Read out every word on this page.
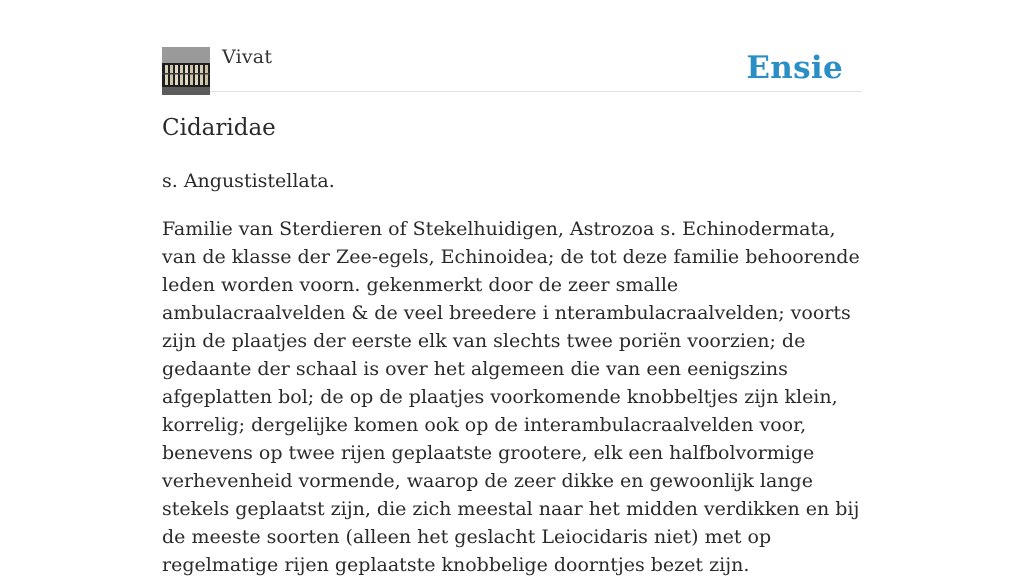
Vivat	Ensie
Cidaridae

s. Angustistellata.

Familie van Sterdieren of Stekelhuidigen, Astrozoa s. Echinodermata, van de klasse der Zee-egels, Echinoidea; de tot deze familie behoorende leden worden voorn. gekenmerkt door de zeer smalle ambulacraalvelden & de veel breedere i nterambulacraalvelden; voorts zijn de plaatjes der eerste elk van slechts twee poriën voorzien; de gedaante der schaal is over het algemeen die van een eenigszins afgeplatten bol; de op de plaatjes voorkomende knobbeltjes zijn klein, korrelig; dergelijke komen ook op de interambulacraalvelden voor, benevens op twee rijen geplaatste grootere, elk een halfbolvormige verhevenheid vormende, waarop de zeer dikke en gewoonlijk lange stekels geplaatst zijn, die zich meestal naar het midden verdikken en bij de meeste soorten (alleen het geslacht Leiocidaris niet) met op regelmatige rijen geplaatste knobbelige doorntjes bezet zijn.
